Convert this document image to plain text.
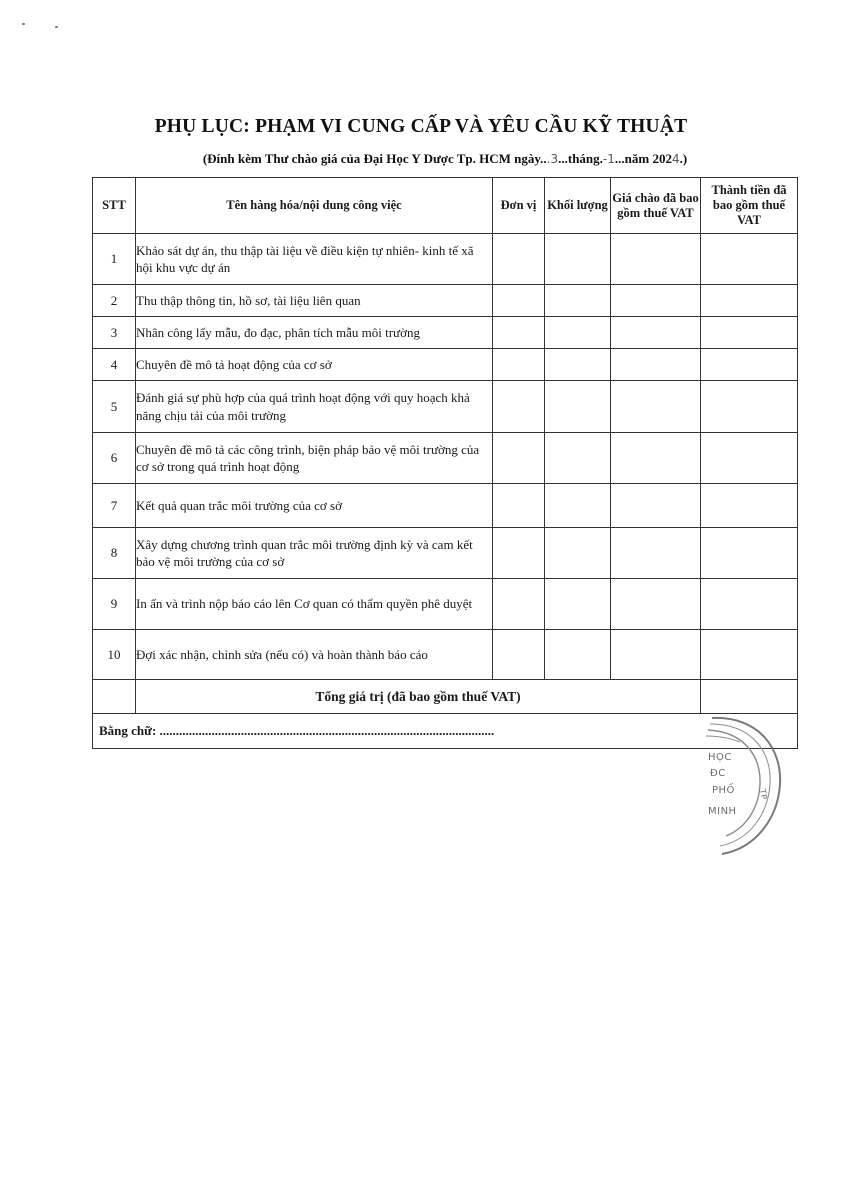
PHỤ LỤC: PHẠM VI CUNG CẤP VÀ YÊU CẦU KỸ THUẬT
(Đính kèm Thư chào giá của Đại Học Y Dược Tp. HCM ngày...3...tháng.-1...năm 2024.)
STT	Tên hàng hóa/nội dung công việc	Đơn vị	Khối lượng	Giá chào đã bao gồm thuế VAT	Thành tiền đã bao gồm thuế VAT
1	Khảo sát dự án, thu thập tài liệu về điều kiện tự nhiên- kinh tế xã hội khu vực dự án				
2	Thu thập thông tin, hồ sơ, tài liệu liên quan				
3	Nhân công lấy mẫu, đo đạc, phân tích mẫu môi trường				
4	Chuyên đề mô tả hoạt động của cơ sở				
5	Đánh giá sự phù hợp của quá trình hoạt động với quy hoạch khả năng chịu tải của môi trường				
6	Chuyên đề mô tả các công trình, biện pháp bảo vệ môi trường của cơ sở trong quá trình hoạt động				
7	Kết quả quan trắc môi trường của cơ sở				
8	Xây dựng chương trình quan trắc môi trường định kỳ và cam kết bảo vệ môi trường của cơ sở				
9	In ấn và trình nộp báo cáo lên Cơ quan có thẩm quyền phê duyệt				
10	Đợi xác nhận, chỉnh sửa (nếu có) và hoàn thành báo cáo				
	Tổng giá trị (đã bao gồm thuế VAT)				
Bằng chữ: .......................................................................................................					
HỌC
ĐC
PHỐ
MINH
TP
